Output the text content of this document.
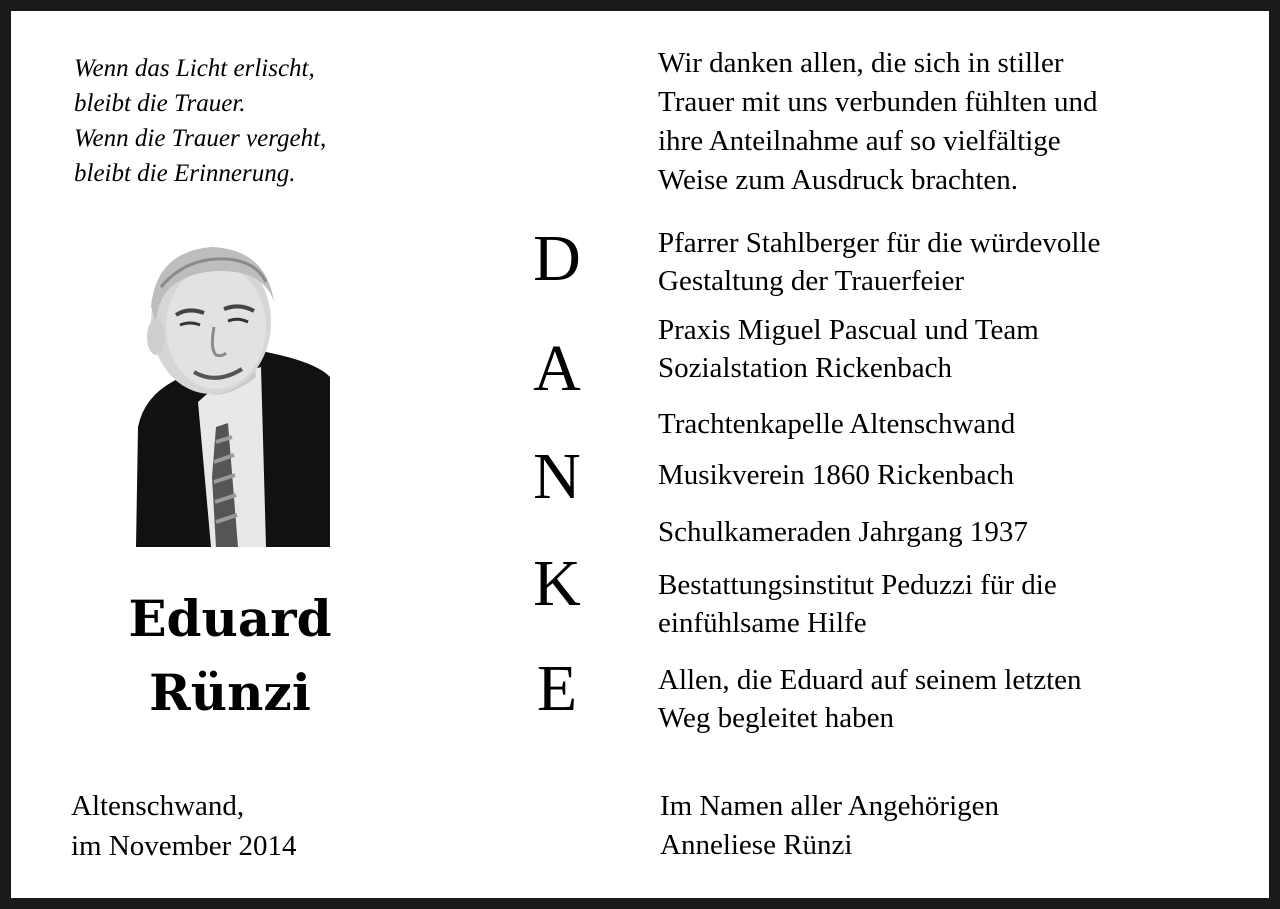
Wenn das Licht erlischt,
bleibt die Trauer.
Wenn die Trauer vergeht,
bleibt die Erinnerung.
Eduard
Rünzi
Altenschwand,
im November 2014
D
A
N
K
E
Wir danken allen, die sich in stiller
Trauer mit uns verbunden fühlten und
ihre Anteilnahme auf so vielfältige
Weise zum Ausdruck brachten.
Pfarrer Stahlberger für die würdevolle
Gestaltung der Trauerfeier
Praxis Miguel Pascual und Team
Sozialstation Rickenbach
Trachtenkapelle Altenschwand
Musikverein 1860 Rickenbach
Schulkameraden Jahrgang 1937
Bestattungsinstitut Peduzzi für die
einfühlsame Hilfe
Allen, die Eduard auf seinem letzten
Weg begleitet haben
Im Namen aller Angehörigen
Anneliese Rünzi
